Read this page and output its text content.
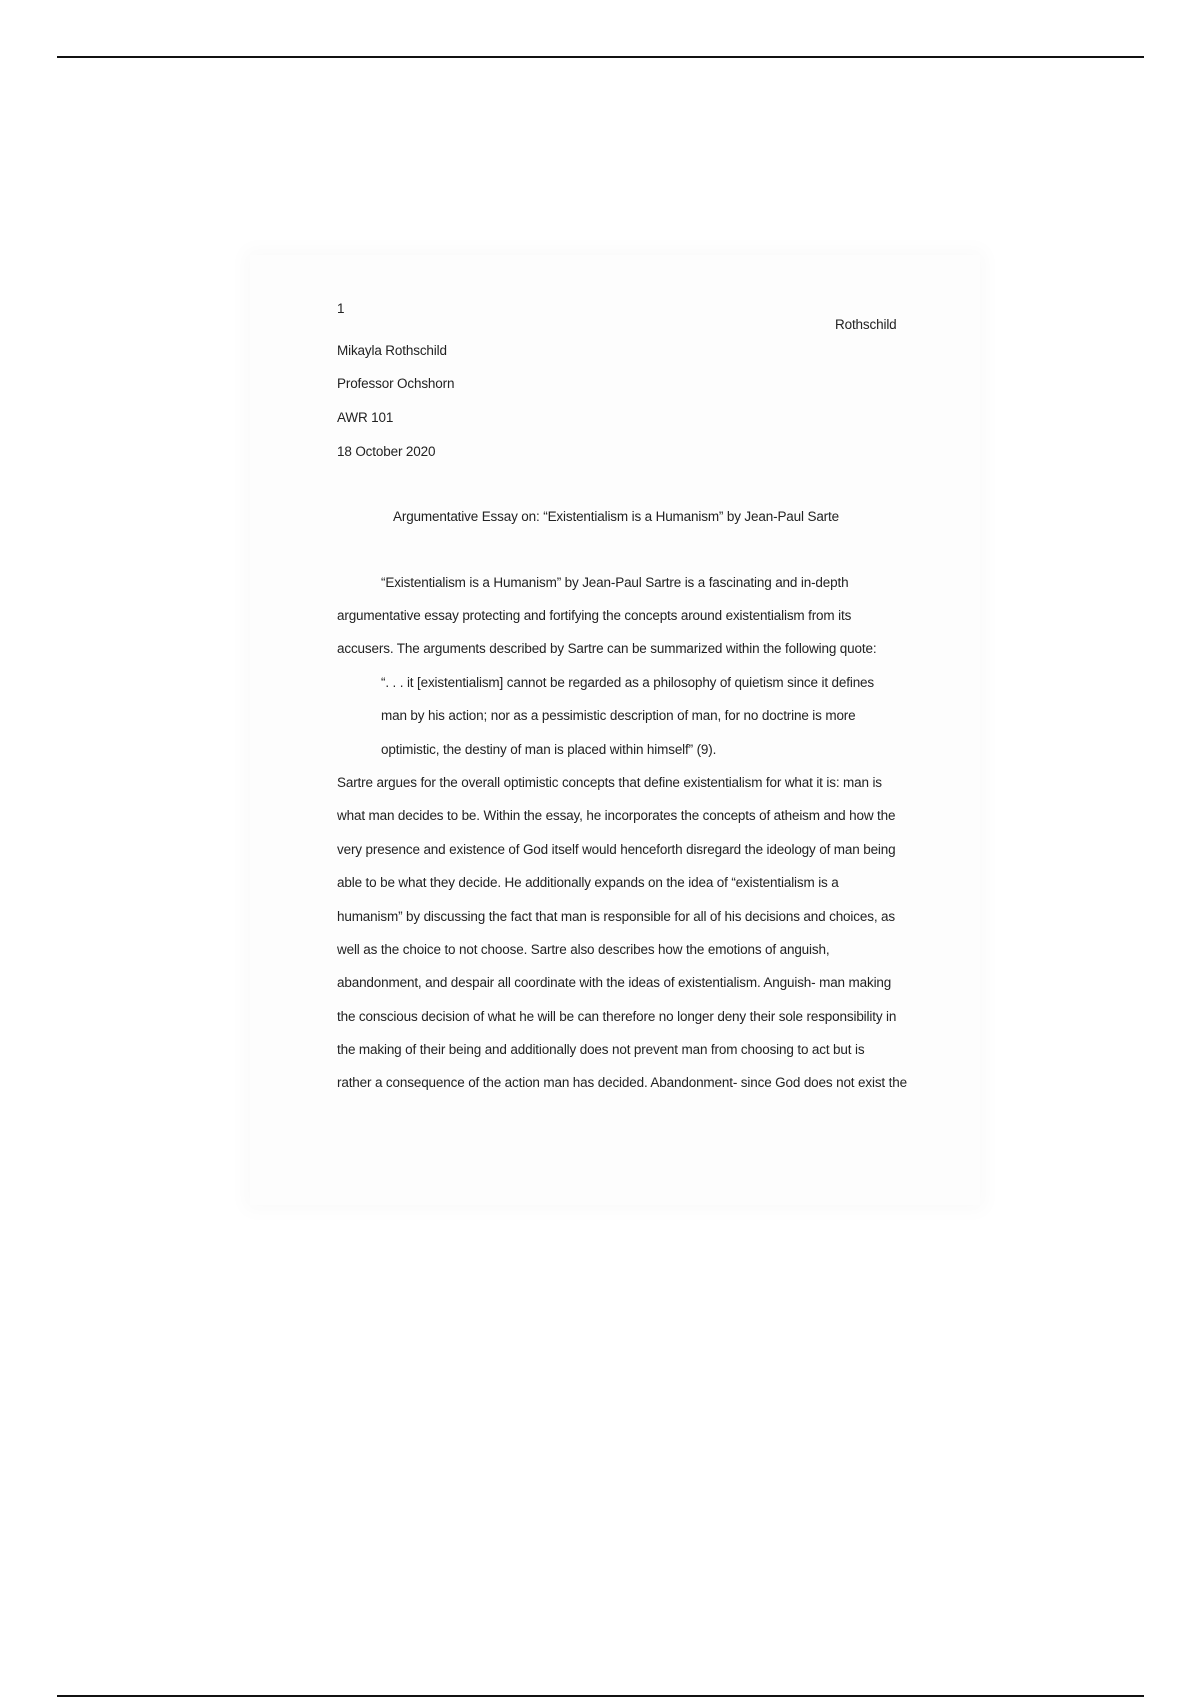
1
Rothschild
Mikayla Rothschild
Professor Ochshorn
AWR 101
18 October 2020
Argumentative Essay on: “Existentialism is a Humanism” by Jean-Paul Sarte
“Existentialism is a Humanism” by Jean-Paul Sartre is a fascinating and in-depth
argumentative essay protecting and fortifying the concepts around existentialism from its
accusers. The arguments described by Sartre can be summarized within the following quote:
“. . . it [existentialism] cannot be regarded as a philosophy of quietism since it defines
man by his action; nor as a pessimistic description of man, for no doctrine is more
optimistic, the destiny of man is placed within himself” (9).
Sartre argues for the overall optimistic concepts that define existentialism for what it is: man is
what man decides to be. Within the essay, he incorporates the concepts of atheism and how the
very presence and existence of God itself would henceforth disregard the ideology of man being
able to be what they decide. He additionally expands on the idea of “existentialism is a
humanism” by discussing the fact that man is responsible for all of his decisions and choices, as
well as the choice to not choose. Sartre also describes how the emotions of anguish,
abandonment, and despair all coordinate with the ideas of existentialism. Anguish- man making
the conscious decision of what he will be can therefore no longer deny their sole responsibility in
the making of their being and additionally does not prevent man from choosing to act but is
rather a consequence of the action man has decided. Abandonment- since God does not exist the
